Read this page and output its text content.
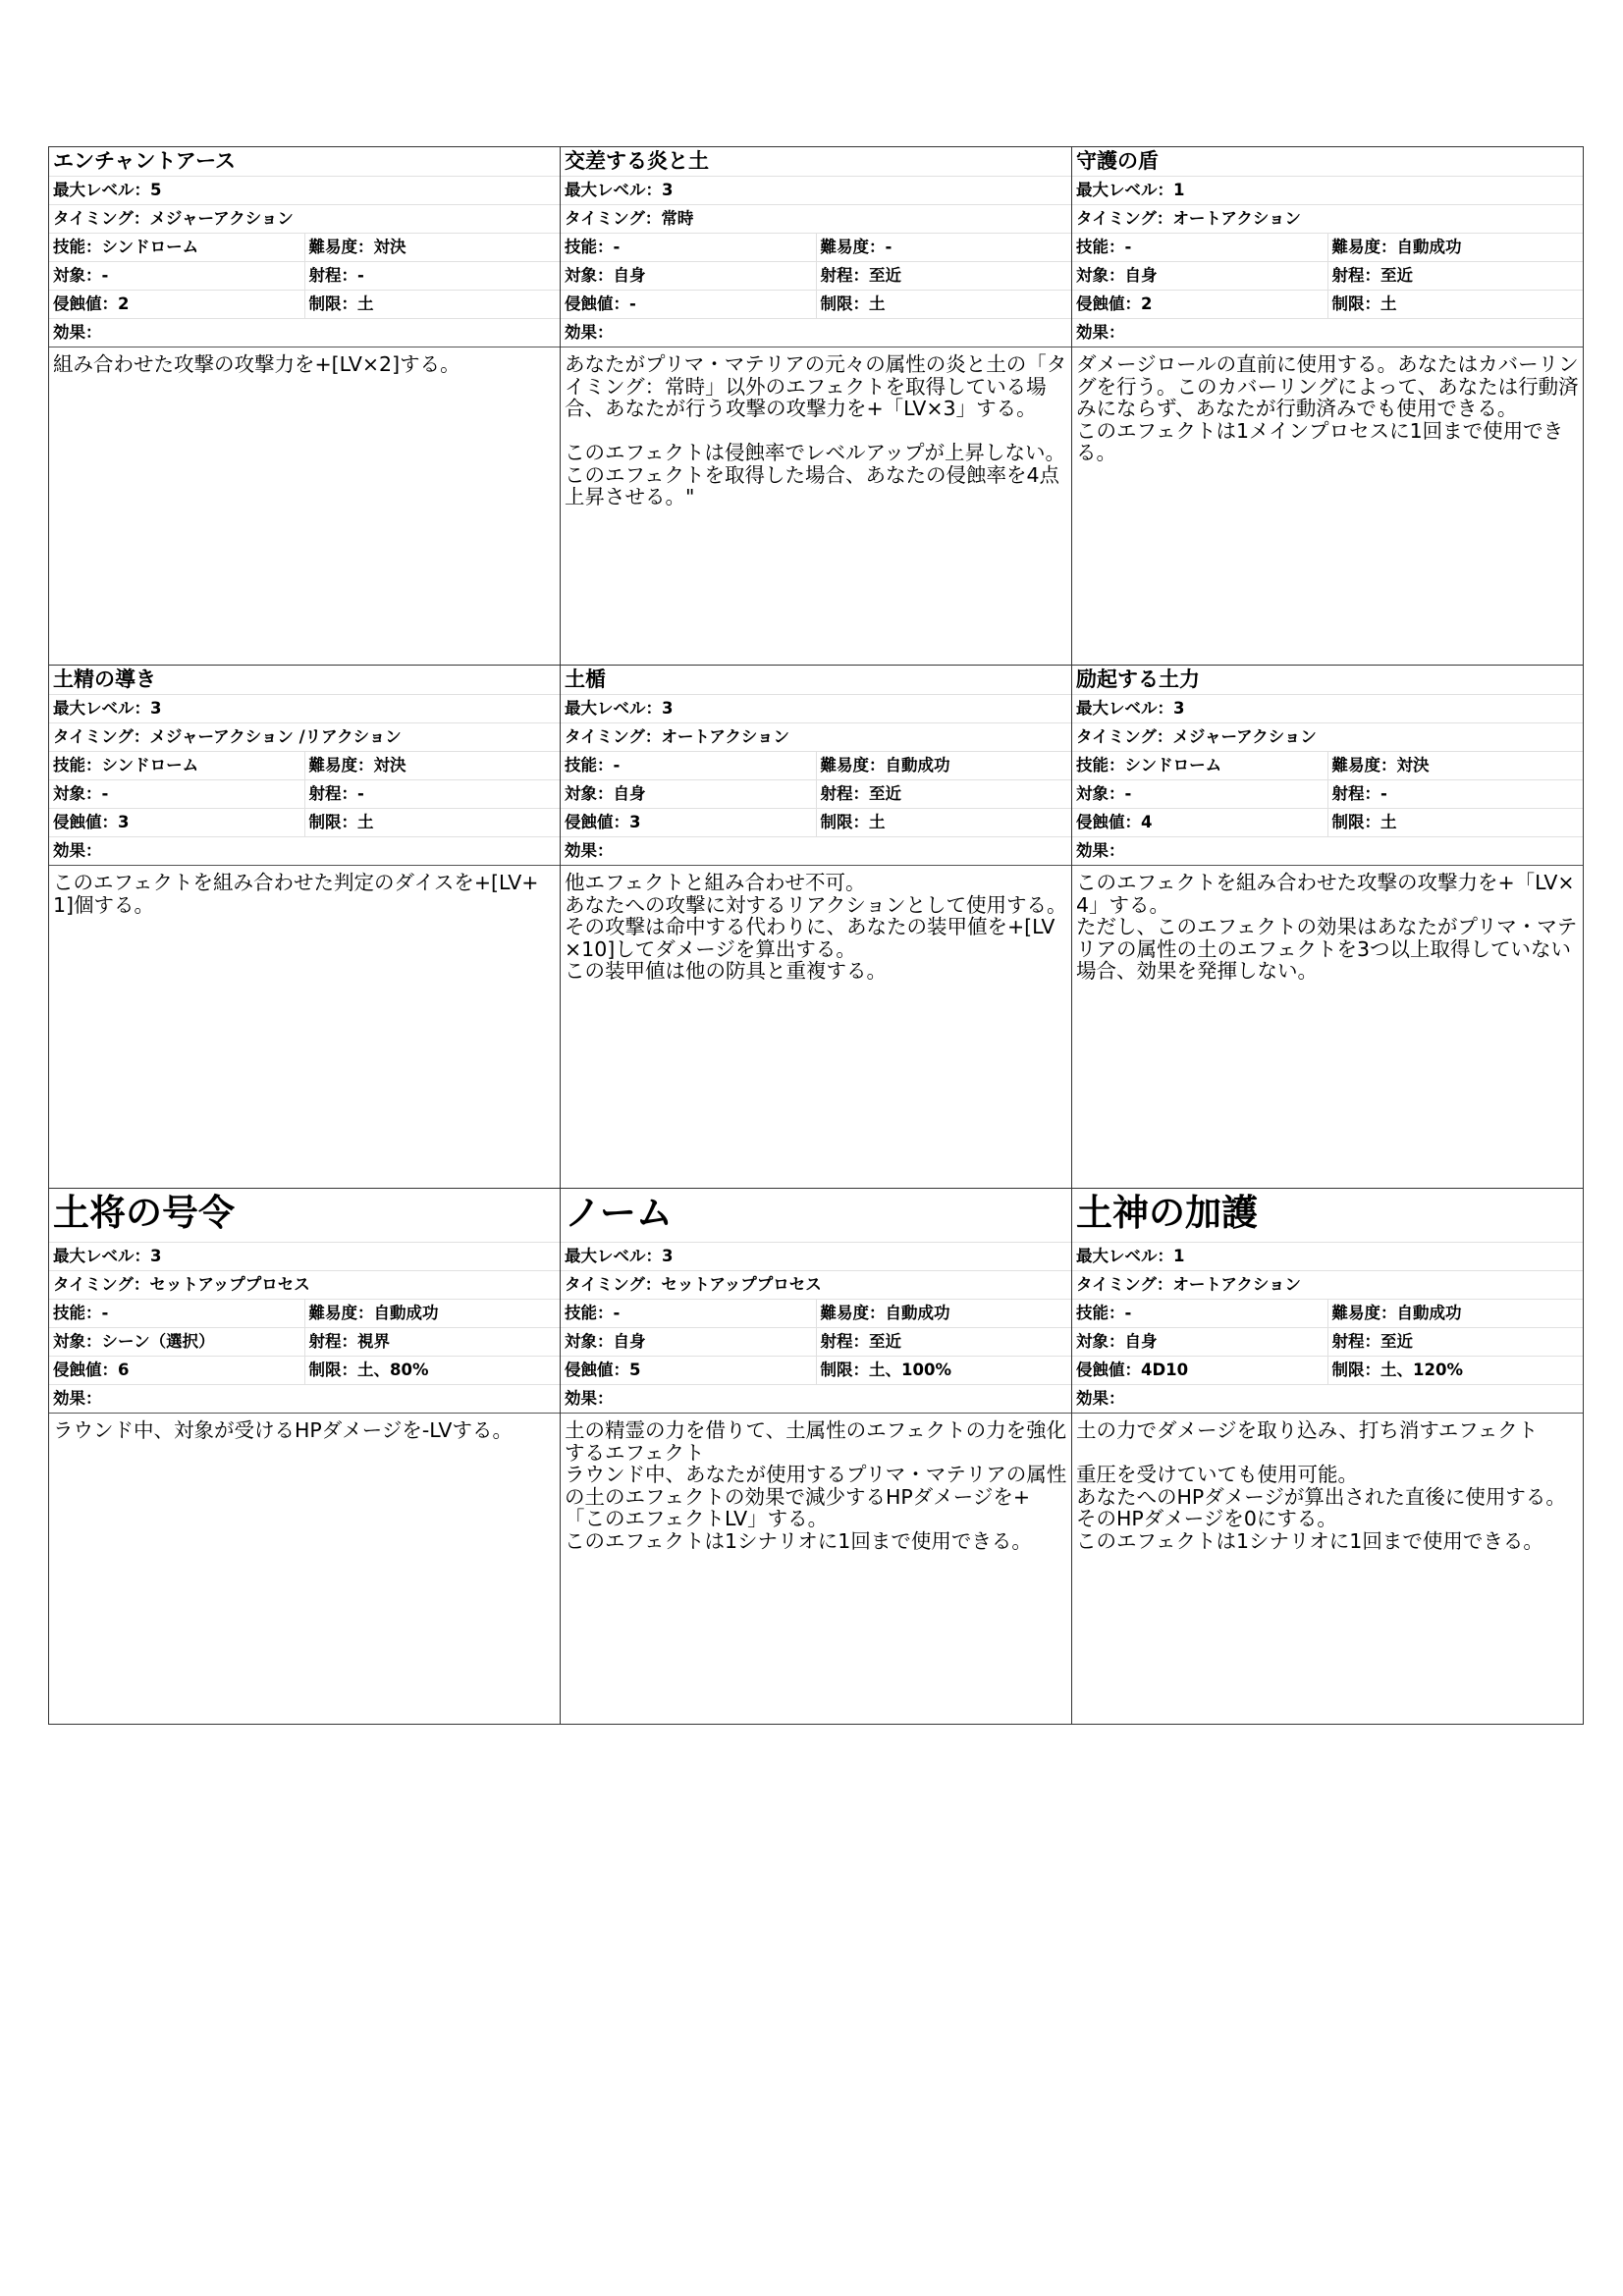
エンチャントアース
最大レベル：5
タイミング：メジャーアクション
技能：シンドローム	難易度：対決
対象：-	射程：-
侵蝕値：2	制限：土
効果：
組み合わせた攻撃の攻撃力を+[LV×2]する。
交差する炎と土
最大レベル：3
タイミング：常時
技能：-	難易度：-
対象：自身	射程：至近
侵蝕値：-	制限：土
効果：
あなたがプリマ・マテリアの元々の属性の炎と土の「タイミング：常時」以外のエフェクトを取得している場合、あなたが行う攻撃の攻撃力を+「LV×3」する。

このエフェクトは侵蝕率でレベルアップが上昇しない。
このエフェクトを取得した場合、あなたの侵蝕率を4点上昇させる。"
守護の盾
最大レベル：1
タイミング：オートアクション
技能：-	難易度：自動成功
対象：自身	射程：至近
侵蝕値：2	制限：土
効果：
ダメージロールの直前に使用する。あなたはカバーリングを行う。このカバーリングによって、あなたは行動済みにならず、あなたが行動済みでも使用できる。
このエフェクトは1メインプロセスに1回まで使用できる。
土精の導き
最大レベル：3
タイミング：メジャーアクション /リアクション
技能：シンドローム	難易度：対決
対象：-	射程：-
侵蝕値：3	制限：土
効果：
このエフェクトを組み合わせた判定のダイスを+[LV+1]個する。
土楯
最大レベル：3
タイミング：オートアクション
技能：-	難易度：自動成功
対象：自身	射程：至近
侵蝕値：3	制限：土
効果：
他エフェクトと組み合わせ不可。
あなたへの攻撃に対するリアクションとして使用する。
その攻撃は命中する代わりに、あなたの装甲値を+[LV×10]してダメージを算出する。
この装甲値は他の防具と重複する。
励起する土力
最大レベル：3
タイミング：メジャーアクション
技能：シンドローム	難易度：対決
対象：-	射程：-
侵蝕値：4	制限：土
効果：
このエフェクトを組み合わせた攻撃の攻撃力を+「LV×4」する。
ただし、このエフェクトの効果はあなたがプリマ・マテリアの属性の土のエフェクトを3つ以上取得していない場合、効果を発揮しない。
土将の号令
最大レベル：3
タイミング：セットアッププロセス
技能：-	難易度：自動成功
対象：シーン（選択）	射程：視界
侵蝕値：6	制限：土、80%
効果：
ラウンド中、対象が受けるHPダメージを-LVする。
ノーム
最大レベル：3
タイミング：セットアッププロセス
技能：-	難易度：自動成功
対象：自身	射程：至近
侵蝕値：5	制限：土、100%
効果：
土の精霊の力を借りて、土属性のエフェクトの力を強化するエフェクト
ラウンド中、あなたが使用するプリマ・マテリアの属性の土のエフェクトの効果で減少するHPダメージを+「このエフェクトLV」する。
このエフェクトは1シナリオに1回まで使用できる。
土神の加護
最大レベル：1
タイミング：オートアクション
技能：-	難易度：自動成功
対象：自身	射程：至近
侵蝕値：4D10	制限：土、120%
効果：
土の力でダメージを取り込み、打ち消すエフェクト

重圧を受けていても使用可能。
あなたへのHPダメージが算出された直後に使用する。
そのHPダメージを0にする。
このエフェクトは1シナリオに1回まで使用できる。
